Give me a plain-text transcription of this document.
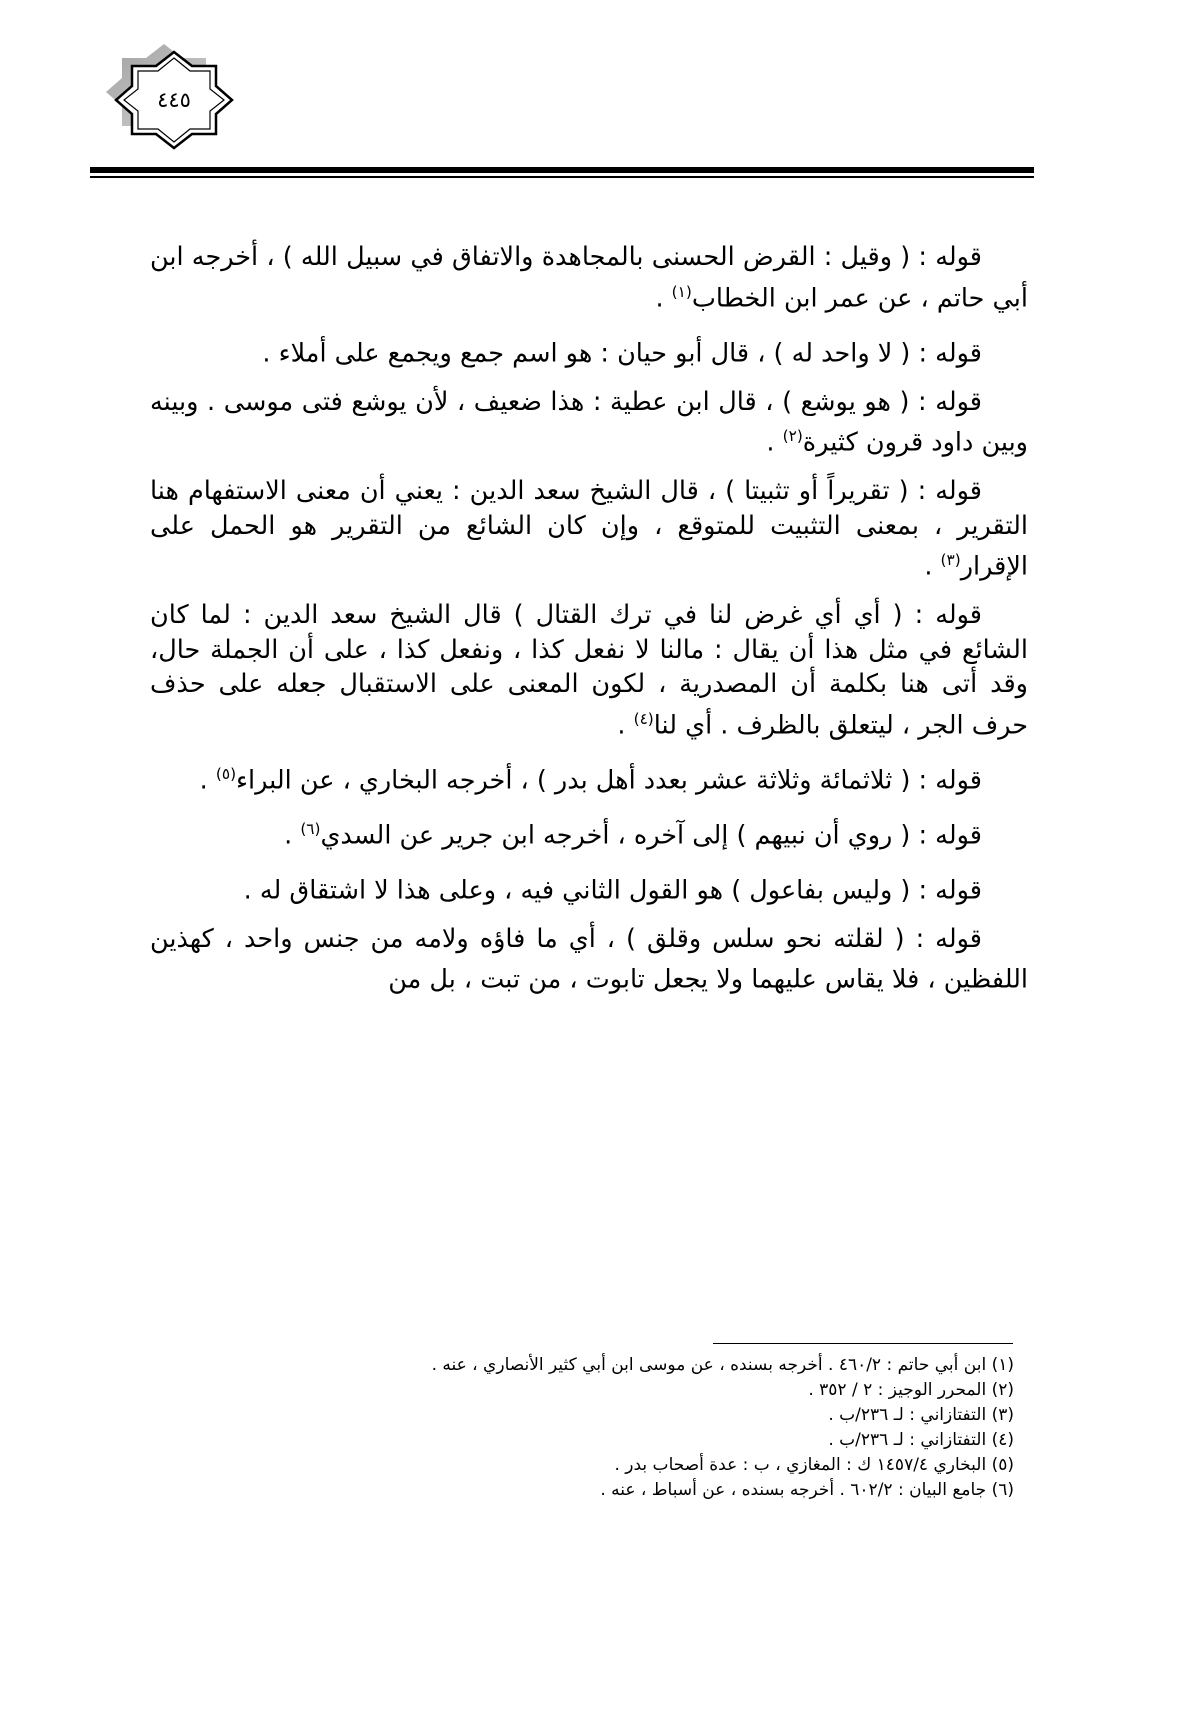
٤٤٥

قوله : ( وقيل : القرض الحسنى بالمجاهدة والاتفاق في سبيل الله ) ، أخرجه ابن أبي حاتم ، عن عمر ابن الخطاب$^{(١)}$ .

قوله : ( لا واحد له ) ، قال أبو حيان : هو اسم جمع ويجمع على أملاء .

قوله : ( هو يوشع ) ، قال ابن عطية : هذا ضعيف ، لأن يوشع فتى موسى . وبينه وبين داود قرون كثيرة$^{(٢)}$ .

قوله : ( تقريراً أو تثبيتا ) ، قال الشيخ سعد الدين : يعني أن معنى الاستفهام هنا التقرير ، بمعنى التثبيت للمتوقع ، وإن كان الشائع من التقرير هو الحمل على الإقرار$^{(٣)}$ .

قوله : ( أي أي غرض لنا في ترك القتال ) قال الشيخ سعد الدين : لما كان الشائع في مثل هذا أن يقال : مالنا لا نفعل كذا ، ونفعل كذا ، على أن الجملة حال، وقد أتى هنا بكلمة أن المصدرية ، لكون المعنى على الاستقبال جعله على حذف حرف الجر ، ليتعلق بالظرف . أي لنا$^{(٤)}$ .

قوله : ( ثلاثمائة وثلاثة عشر بعدد أهل بدر ) ، أخرجه البخاري ، عن البراء$^{(٥)}$ .

قوله : ( روي أن نبيهم ) إلى آخره ، أخرجه ابن جرير عن السدي$^{(٦)}$ .

قوله : ( وليس بفاعول ) هو القول الثاني فيه ، وعلى هذا لا اشتقاق له .

قوله : ( لقلته نحو سلس وقلق ) ، أي ما فاؤه ولامه من جنس واحد ، كهذين اللفظين ، فلا يقاس عليهما ولا يجعل تابوت ، من تبت ، بل من

(١) ابن أبي حاتم : ٤٦٠/٢ . أخرجه بسنده ، عن موسى ابن أبي كثير الأنصاري ، عنه .
(٢) المحرر الوجيز : ٢ / ٣٥٢ .
(٣) التفتازاني : لـ ٢٣٦/ب .
(٤) التفتازاني : لـ ٢٣٦/ب .
(٥) البخاري ١٤٥٧/٤ ك : المغازي ، ب : عدة أصحاب بدر .
(٦) جامع البيان : ٦٠٢/٢ . أخرجه بسنده ، عن أسباط ، عنه .
